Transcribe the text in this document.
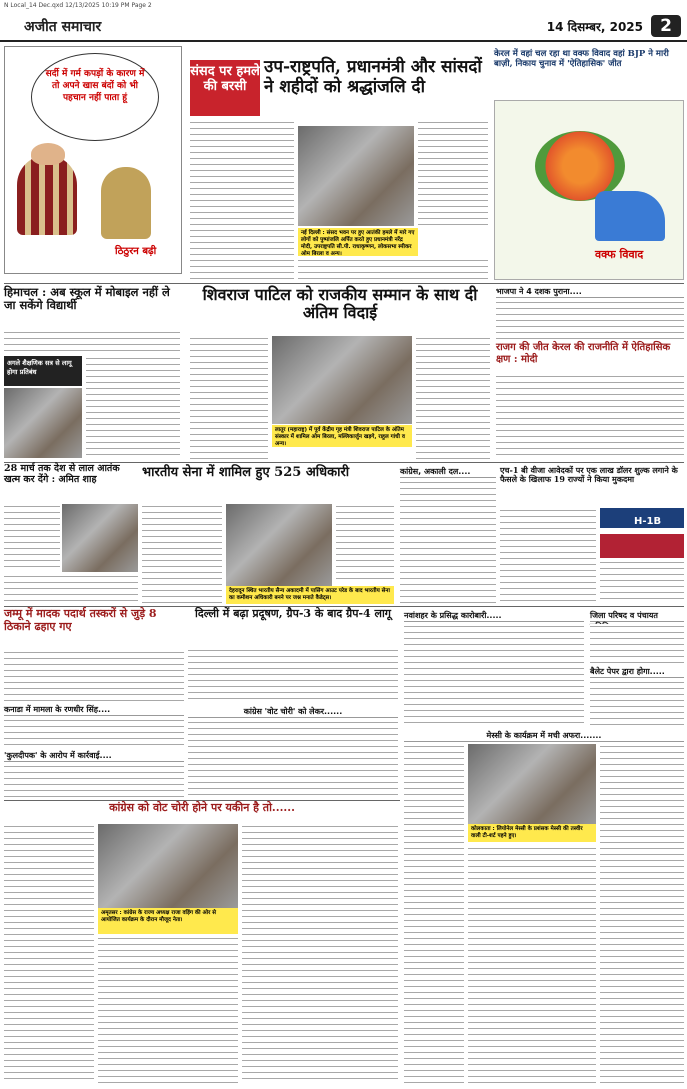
N Local_14 Dec.qxd 12/13/2025 10:19 PM Page 2
अजीत समाचार	14 दिसम्बर, 2025	2
सर्दी में गर्म कपड़ों के कारण में तो अपने खास बंदों को भी पहचान नहीं पाता हूं
ठिठुरन बढ़ी
संसद पर हमले की बरसी
उप-राष्ट्रपति, प्रधानमंत्री और सांसदों ने शहीदों को श्रद्धांजलि दी
नई दिल्ली : संसद भवन पर हुए आतंकी हमले में मारे गए लोगों को पुष्पांजलि अर्पित करते हुए प्रधानमंत्री नरेंद्र मोदी, उपराष्ट्रपति सी.पी. राधाकृष्णन, लोकसभा स्पीकर ओम बिरला व अन्य।
केरल में वहां चल रहा था वक्फ विवाद वहां BJP ने मारी बाज़ी, निकाय चुनाव में 'ऐतिहासिक' जीत
वक्फ विवाद
हिमाचल : अब स्कूल में मोबाइल नहीं ले जा सकेंगे विद्यार्थी
अगले शैक्षणिक सत्र से लागू होगा प्रतिबंध
शिवराज पाटिल को राजकीय सम्मान के साथ दी अंतिम विदाई
लातूर (महाराष्ट्र) में पूर्व केंद्रीय गृह मंत्री शिवराज पाटिल के अंतिम संस्कार में शामिल ओम बिरला, मल्लिकार्जुन खड़गे, राहुल गांधी व अन्य।
भाजपा ने 4 दशक पुराना....
राजग की जीत केरल की राजनीति में ऐतिहासिक क्षण : मोदी
28 मार्च तक देश से लाल आतंक खत्म कर देंगे : अमित शाह	भारतीय सेना में शामिल हुए 525 अधिकारी
देहरादून स्थित भारतीय सैन्य अकादमी में पासिंग आउट परेड के बाद भारतीय सेना का कमीशन अधिकारी बनने पर जश्न मनाते कैडेट्स।
कांग्रेस, अकाली दल....	एच-1 बी वीजा आवेदकों पर एक लाख डॉलर शुल्क लगाने के फैसले के खिलाफ 19 राज्यों ने किया मुकदमा
H-1B
जम्मू में मादक पदार्थ तस्करों से जुड़े 8 ठिकाने ढहाए गए
कनाडा में मामला के रणधीर सिंह....
'कुलदीपक' के आरोप में कार्रवाई....
दिल्ली में बढ़ा प्रदूषण, ग्रैप-3 के बाद ग्रैप-4 लागू
कांग्रेस 'वोट चोरी' को लेकर......
नवांशहर के प्रसिद्ध कारोबारी.....	जिला परिषद व पंचायत
बैलेट पेपर द्वारा होगा.....
मेस्सी के कार्यक्रम में मची अफरा.......
कोलकाता : लियोनेल मेस्सी के प्रशंसक मेस्सी की तस्वीर वाली टी-शर्ट पहने हुए।
कांग्रेस को वोट चोरी होने पर यकीन है तो......
अमृतसर : कांग्रेस के राज्य अध्यक्ष राजा वड़िंग की ओर से आयोजित कार्यक्रम के दौरान मौजूद नेता।
